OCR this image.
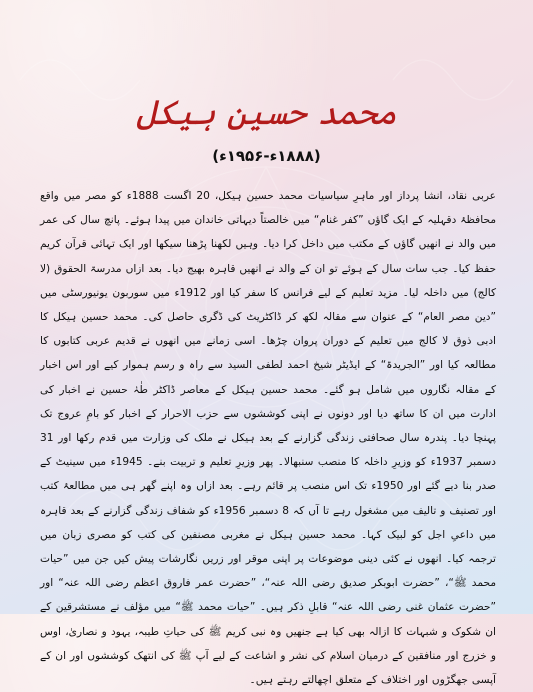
محمد حسین ہیکل
(۱۸۸۸ء-۱۹۵۶ء)

عربی نقاد، انشا پرداز اور ماہرِ سیاسیات محمد حسین ہیکل، 20 اگست 1888ء کو مصر میں واقع محافظۂ دقہلیہ کے ایک گاؤں ”کفر غنام“ میں خالصتاً دیہاتی خاندان میں پیدا ہوئے۔ پانچ سال کی عمر میں والد نے انھیں گاؤں کے مکتب میں داخل کرا دیا۔ وہیں لکھنا پڑھنا سیکھا اور ایک تہائی قرآن کریم حفظ کیا۔ جب سات سال کے ہوئے تو ان کے والد نے انھیں قاہرہ بھیج دیا۔ بعد ازاں مدرسۃ الحقوق (لا کالج) میں داخلہ لیا۔ مزید تعلیم کے لیے فرانس کا سفر کیا اور 1912ء میں سوربون یونیورسٹی میں ”دین مصر العام“ کے عنوان سے مقالہ لکھ کر ڈاکٹریٹ کی ڈگری حاصل کی۔ محمد حسین ہیکل کا ادبی ذوق لا کالج میں تعلیم کے دوران پروان چڑھا۔ اسی زمانے میں انھوں نے قدیم عربی کتابوں کا مطالعہ کیا اور ”الجریدۃ“ کے ایڈیٹر شیخ احمد لطفی السید سے راہ و رسم ہموار کیے اور اس اخبار کے مقالہ نگاروں میں شامل ہو گئے۔ محمد حسین ہیکل کے معاصر ڈاکٹر طٰہٰ حسین نے اخبار کی ادارت میں ان کا ساتھ دیا اور دونوں نے اپنی کوششوں سے حزب الاحرار کے اخبار کو بامِ عروج تک پہنچا دیا۔ پندرہ سال صحافتی زندگی گزارنے کے بعد ہیکل نے ملک کی وزارت میں قدم رکھا اور 31 دسمبر 1937ء کو وزیرِ داخلہ کا منصب سنبھالا۔ پھر وزیرِ تعلیم و تربیت بنے۔ 1945ء میں سینیٹ کے صدر بنا دیے گئے اور 1950ء تک اس منصب پر قائم رہے۔ بعد ازاں وہ اپنے گھر ہی میں مطالعۂ کتب اور تصنیف و تالیف میں مشغول رہے تا آں کہ 8 دسمبر 1956ء کو شفاف زندگی گزارنے کے بعد قاہرہ میں داعیِ اجل کو لبیک کہا۔ محمد حسین ہیکل نے مغربی مصنفین کی کتب کو مصری زبان میں ترجمہ کیا۔ انھوں نے کئی دینی موضوعات پر اپنی موقر اور زریں نگارشات پیش کیں جن میں ”حیات محمد ﷺ“، ”حضرت ابوبکر صدیق رضی اللہ عنہ“، ”حضرت عمر فاروق اعظم رضی اللہ عنہ“ اور ”حضرت عثمان غنی رضی اللہ عنہ“ قابلِ ذکر ہیں۔ ”حیات محمد ﷺ“ میں مؤلف نے مستشرقین کے ان شکوک و شبہات کا ازالہ بھی کیا ہے جنھیں وہ نبی کریم ﷺ کی حیاتِ طیبہ، یہود و نصاریٰ، اوس و خزرج اور منافقین کے درمیان اسلام کی نشر و اشاعت کے لیے آپ ﷺ کی انتھک کوششوں اور ان کے آپسی جھگڑوں اور اختلاف کے متعلق اچھالتے رہتے ہیں۔
